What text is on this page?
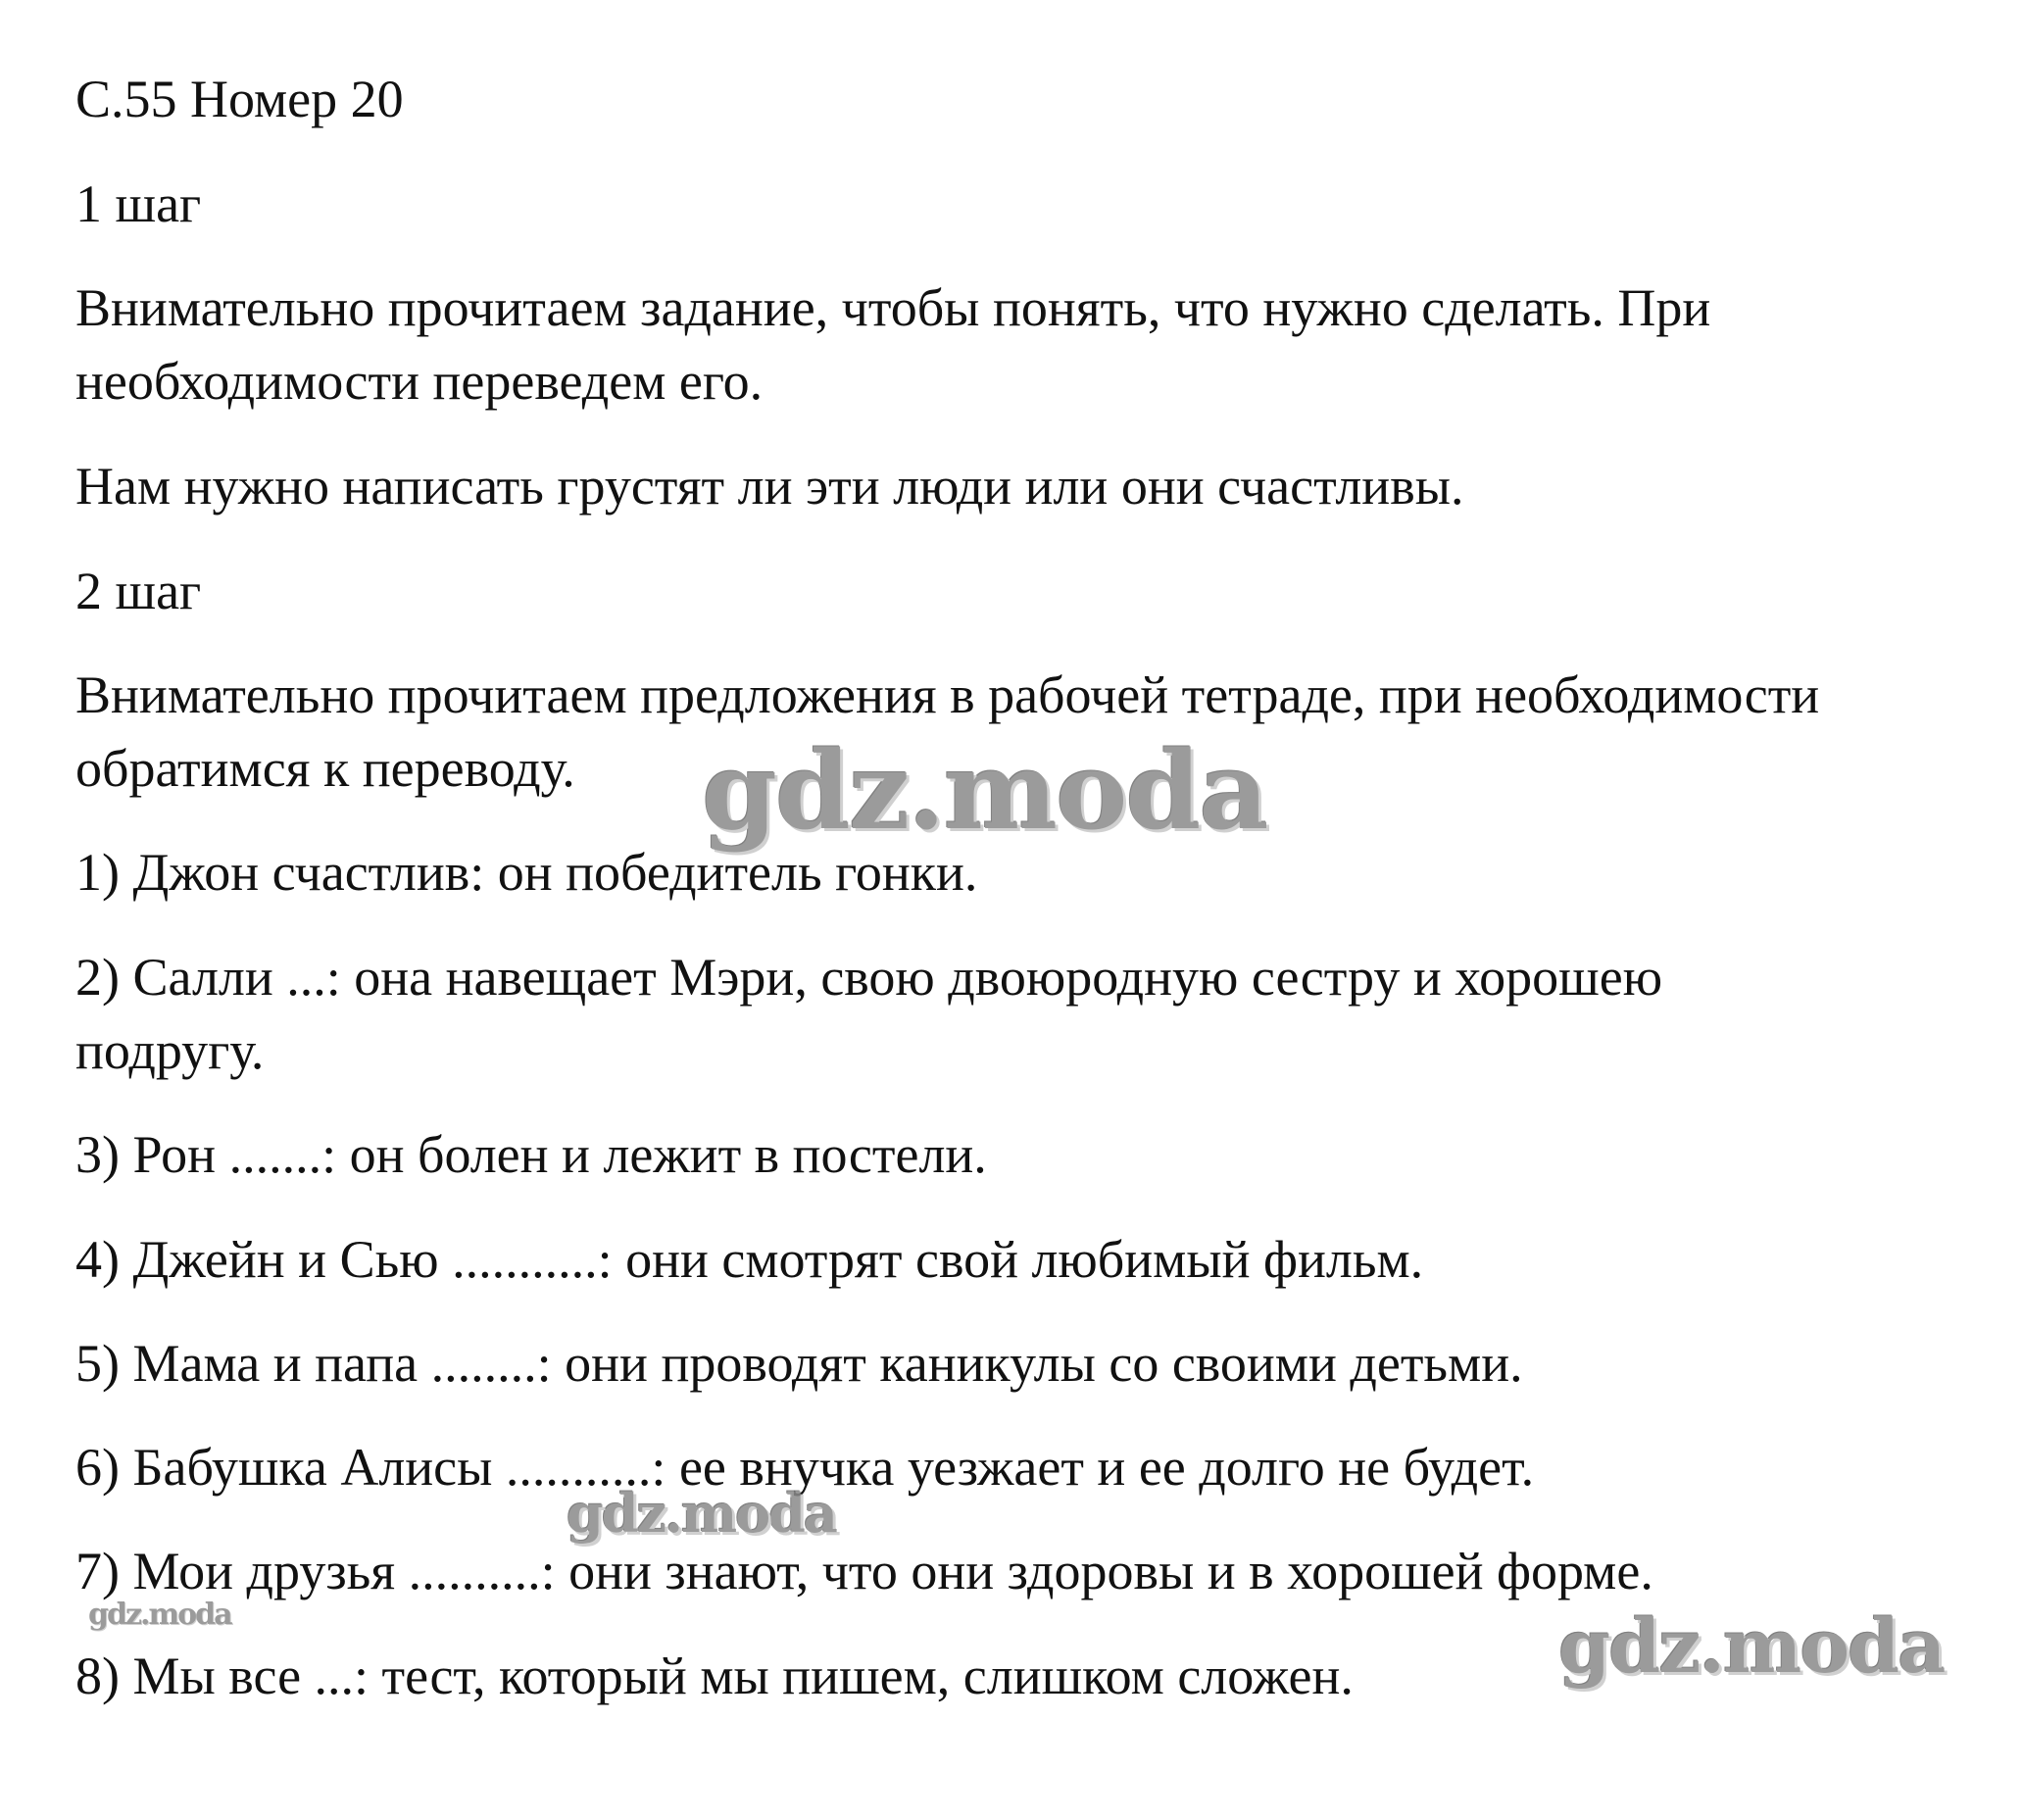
С.55 Номер 20

1 шаг

Внимательно прочитаем задание, чтобы понять, что нужно сделать. При

необходимости переведем его.

Нам нужно написать грустят ли эти люди или они счастливы.

2 шаг

Внимательно прочитаем предложения в рабочей тетраде, при необходимости

обратимся к переводу.

1) Джон счастлив: он победитель гонки.

2) Салли ...: она навещает Мэри, свою двоюродную сестру и хорошею

подругу.

3) Рон .......: он болен и лежит в постели.

4) Джейн и Сью ...........: они смотрят свой любимый фильм.

5) Мама и папа ........: они проводят каникулы со своими детьми.

6) Бабушка Алисы ...........: ее внучка уезжает и ее долго не будет.

7) Мои друзья ..........: они знают, что они здоровы и в хорошей форме.

8) Мы все ...: тест, который мы пишем, слишком сложен.

gdz.moda
gdz.moda
gdz.moda	gdz.moda
